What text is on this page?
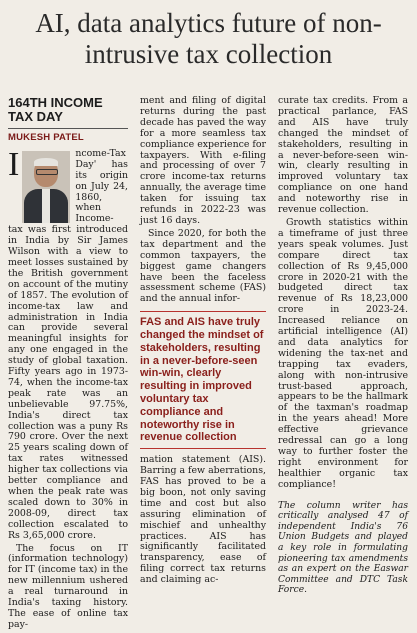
AI, data analytics future of non-intrusive tax collection
164TH INCOME TAX DAY
MUKESH PATEL

I	ncome-Tax Day' has its origin on July 24, 1860, when Income-tax was first introduced in India by Sir James Wilson with a view to meet losses sustained by the British government on account of the mutiny of 1857. The evolution of income-tax law and administration in India can provide several meaningful insights for any one engaged in the study of global taxation. Fifty years ago in 1973-74, when the income-tax peak rate was an unbelievable 97.75%, India's direct tax collection was a puny Rs 790 crore. Over the next 25 years scaling down of tax rates witnessed higher tax collections via better compliance and when the peak rate was scaled down to 30% in 2008-09, direct tax collection escalated to Rs 3,65,000 crore.

The focus on IT (information technology) for IT (income tax) in the new millennium ushered a real turnaround in India's taxing history. The ease of online tax pay-

ment and filing of digital returns during the past decade has paved the way for a more seamless tax compliance experience for taxpayers. With e-filing and processing of over 7 crore income-tax returns annually, the average time taken for issuing tax refunds in 2022-23 was just 16 days.

Since 2020, for both the tax department and the common taxpayers, the biggest game changers have been the faceless assessment scheme (FAS) and the annual infor-

FAS and AIS have truly changed the mindset of stakeholders, resulting in a never-before-seen win-win, clearly resulting in improved voluntary tax compliance and noteworthy rise in revenue collection

mation statement (AIS). Barring a few aberrations, FAS has proved to be a big boon, not only saving time and cost but also assuring elimination of mischief and unhealthy practices. AIS has significantly facilitated transparency, ease of filing correct tax returns and claiming ac-

curate tax credits. From a practical parlance, FAS and AIS have truly changed the mindset of stakeholders, resulting in a never-before-seen win-win, clearly resulting in improved voluntary tax compliance on one hand and noteworthy rise in revenue collection.

Growth statistics within a timeframe of just three years speak volumes. Just compare direct tax collection of Rs 9,45,000 crore in 2020-21 with the budgeted direct tax revenue of Rs 18,23,000 crore in 2023-24. Increased reliance on artificial intelligence (AI) and data analytics for widening the tax-net and trapping tax evaders, along with non-intrusive trust-based approach, appears to be the hallmark of the taxman's roadmap in the years ahead! More effective grievance redressal can go a long way to further foster the right environment for healthier organic tax compliance!

The column writer has critically analysed 47 of independent India's 76 Union Budgets and played a key role in formulating pioneering tax amendments as an expert on the Easwar Committee and DTC Task Force.
